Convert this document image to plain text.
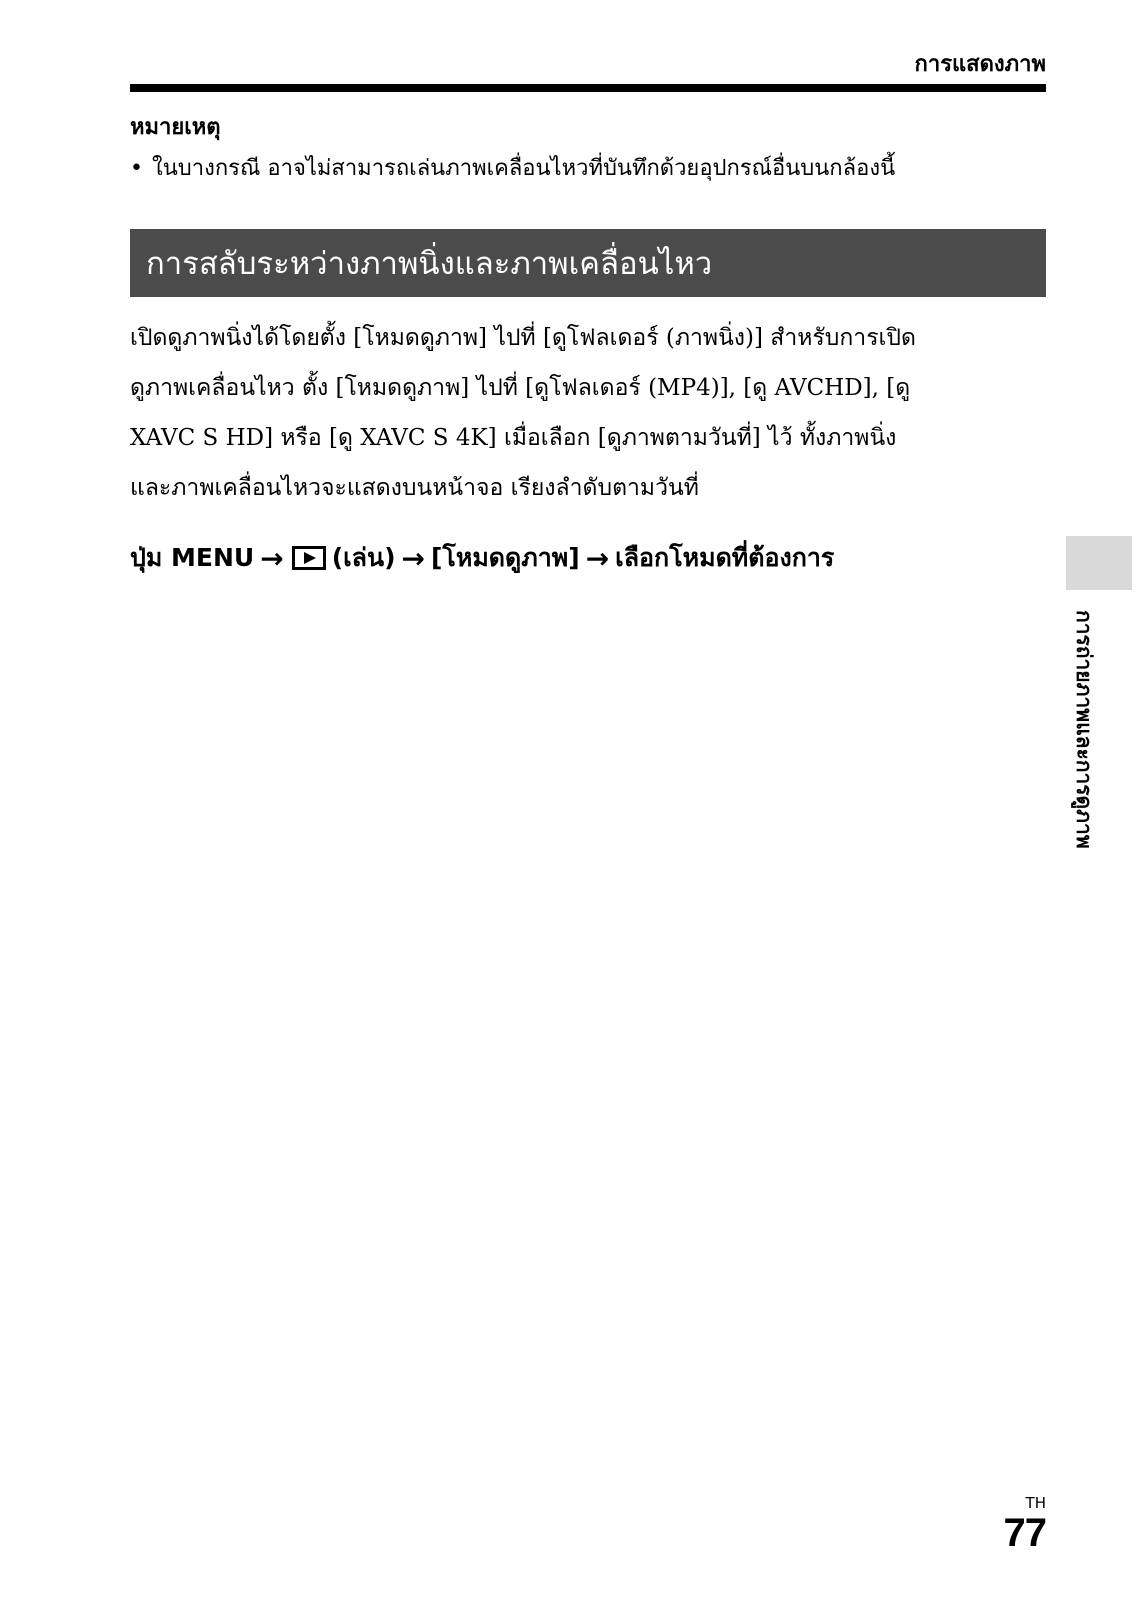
การแสดงภาพ
หมายเหตุ
• ในบางกรณี อาจไม่สามารถเล่นภาพเคลื่อนไหวที่บันทึกด้วยอุปกรณ์อื่นบนกล้องนี้
การสลับระหว่างภาพนิ่งและภาพเคลื่อนไหว
เปิดดูภาพนิ่งได้โดยตั้ง [โหมดดูภาพ] ไปที่ [ดูโฟลเดอร์ (ภาพนิ่ง)] สำหรับการเปิด
ดูภาพเคลื่อนไหว ตั้ง [โหมดดูภาพ] ไปที่ [ดูโฟลเดอร์ (MP4)], [ดู AVCHD], [ดู
XAVC S HD] หรือ [ดู XAVC S 4K] เมื่อเลือก [ดูภาพตามวันที่] ไว้ ทั้งภาพนิ่ง
และภาพเคลื่อนไหวจะแสดงบนหน้าจอ เรียงลำดับตามวันที่
ปุ่ม MENU → (เล่น) → [โหมดดูภาพ] → เลือกโหมดที่ต้องการ
การถ่ายภาพและการดูภาพ
TH
77
